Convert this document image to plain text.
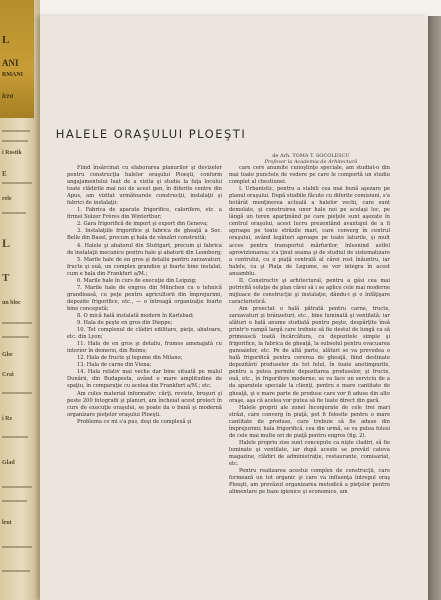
L
ANI
RMANI
icra
i Rostik
E
rele
L
T
un bloc
Ghe
Crai
i Re
Glad
lent
HALELE ORAŞULUI PLOEŞTI
de Arh. TOMA T. SOCOLESCU
Profesor la Academia de Arhitectură

Fiind însărcinat cu elaborarea planurilor şi devizelor pentru construcţia halelor oraşului Ploeşti, conform angajamentului luat de a vizita şi studia la faţa locului toate clădirile mai noi de acest gen, în diferite centre din Apus, am vizitat următoarele construcţii, instalaţii şi fabrici de instalaţii:

1. Fabrica de aparate frigorifice, calorifere, etc. a firmei Sulzer Frères din Winterthur;

2. Gara frigorifică de import şi export din Geneva;

3. Instalaţiile frigorifice şi fabrica de gheaţă a Soc. Belle din Basel, precum şi hala de vânzări construită;

4. Halele şi abatorul din Stuttgart, precum şi fabrica de instalaţii mecanice pentru hale şi abatorii din Leonberg;

5. Marile hale de en gros şi detaliu pentru zarzavaturi, fructe şi ouă, un complex grandios şi foarte bine instalat, cum e hala din Frankfurt a/M.;

6. Marile hale în curs de execuţie din Leipzig;

7. Marile hale de engros din München cu o tehnică grandioasă, cu peţe pentru agricultorii din împrejurimi, depozite frigorifice, etc., — o întreagă organizaţie foarte bine concepută;

8. O mică hală instalată modern în Karlsbad;

9. Hala de peşte en gros din Dieppe;

10. Tot complexul de clădiri edilitare, pieţe, abatoare, etc. din Lyon;

11. Hala de en gros şi detaliu, frumos amenajată cu interior în demersi, din Reims;

12. Hala de fructe şi legume din Milano;

13. Hala de carne din Viena;

14. Hala relativ mai veche dar bine situată pe malul Dunării, din Budapesta, având o mare amplitudine de spaţiu, în comparaţie cu acelea din Frankfurt a/M.; etc.

Am cules material informativ: cărţi, reviste, broşuri şi peste 200 fotografii şi planuri, am încheiat acest proiect în curs de execuţie oraşului, se poate da o bună şi modernă organizare pieţelor oraşului Ploeşti.

Problema ce mi s'a pus, deşi de complexă şi

care cere anumite cunoştinţe speciale, am studiat-o din mai toate punctele de vedere pe care le comportă un studiu complet al chestiunei.

I. Urbanistic, pentru a stabili cea mai bună aşezare pe planul oraşului. După studiile făcute cu diferite comisiuni, s'a hotărât menţinerea actuală a halelor vechi, care sunt demolate, şi construirea unor hale noi pe acelaşi loc, pe lângă un teren aparţinând pe care pieţele sunt aşezate în centrul oraşului, acest lucru prezentând avantajul de a fi aproape pe toate străzile mari, care converg în centrul oraşului, având legături aproape pe toate laturile, şi mult acces pentru transportul mărfurilor, înlesnind astfel aprovizionarea; s'a ţinut seama şi de studiul de sistematizare a centrului, cu o piaţă centrală al cărei rost înăuntru, iar halele, ca şi Piaţa de Legume, se vor integra în acest ansamblu.

II. Constructiv şi arhitectural, pentru a găsi cea mai potrivită soluţie de plan cărei să i se aplice cele mai moderne mijloace de construcţie şi instalaţie, dându-i şi o înfăţişare caracteristică.

Am proectat o hală pătrată pentru carne, fructe, zarzavaturi şi brânzeturi, etc., bine luminată şi ventilată; iar alături o hală anume studiată pentru peşte, despărţite însă printr'o rampă largă care trebuie să fie destul de lungă ca să primească toată încărcătura, cu depozitele simple şi frigorifice, la fabrica de gheaţă, la subsolul pentru evacuarea gunoaielor, etc. Pe de altă parte, alături se va prevedea o hală frigorifică pentru cererea de gheaţă, fiind destinate depozitării produselor de tot felul, în toate anotimpurile, pentru a putea permite depozitarea produselor, şi fructe, ouă, etc., în frigorifere moderne; se va face un serviciu de a da aparatele speciale la clienţi, pentru o mare cantitate de gheaţă, şi o mare parte de produse care vor fi aduse din alte oraşe, aşa că acelea vor putea să fie luate direct din gară.

Halele proprii ale zonei înconjurate de cele trei mari străzi, care converg în piaţă, pot fi folosite pentru o mare cantitate de produse, care trebuie să fie aduse din împrejurimi; hala frigorifică, cea din urmă, se va putea folosi de cele mai multe ori de piaţă pentru engros (fig. 2).

Halele propriu zise sunt concepute ca nişte cladiri, să fie luminate şi ventilate, iar după aceste se prevăd cateva magazine, clădiri de administraţie, restaurante, comisariat, etc.

Pentru realizarea acestui complex de construcţii, care formează un tot organic şi care va influenţa întregul oraş Ploeşti, am prevăzut organizarea metodică a pieţelor pentru alimentare pe baze igienice şi economice, am
